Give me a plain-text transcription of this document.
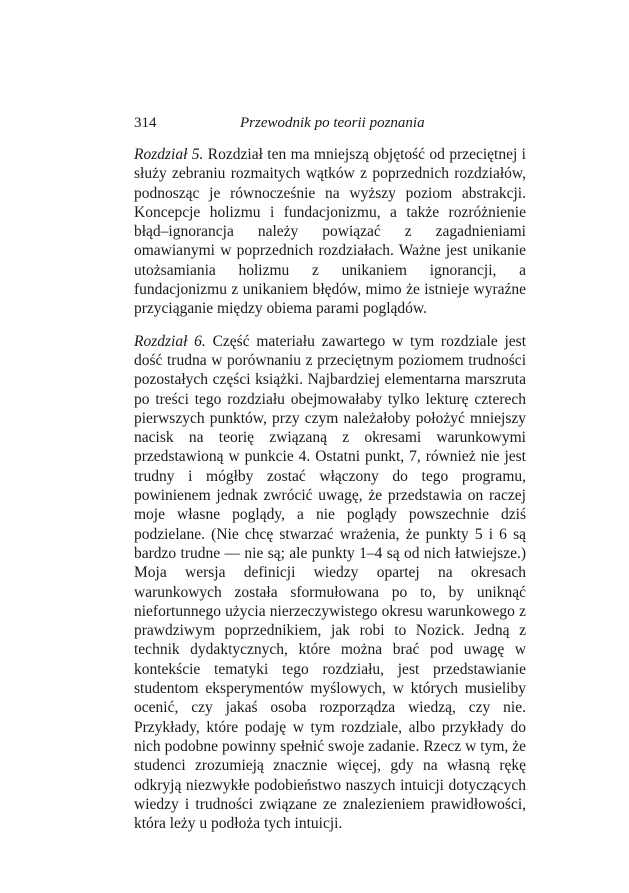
314	Przewodnik po teorii poznania

Rozdział 5. Rozdział ten ma mniejszą objętość od przeciętnej i służy zebraniu rozmaitych wątków z poprzednich rozdziałów, podnosząc je równocześnie na wyższy poziom abstrakcji. Koncepcje holizmu i fundacjonizmu, a także rozróżnienie błąd–ignorancja należy powiązać z zagadnieniami omawianymi w poprzednich rozdziałach. Ważne jest unikanie utożsamiania holizmu z unikaniem ignorancji, a fundacjonizmu z unikaniem błędów, mimo że istnieje wyraźne przyciąganie między obiema parami poglądów.

Rozdział 6. Część materiału zawartego w tym rozdziale jest dość trudna w porównaniu z przeciętnym poziomem trudności pozostałych części książki. Najbardziej elementarna marszruta po treści tego rozdziału obejmowałaby tylko lekturę czterech pierwszych punktów, przy czym należałoby położyć mniejszy nacisk na teorię związaną z okresami warunkowymi przedstawioną w punkcie 4. Ostatni punkt, 7, również nie jest trudny i mógłby zostać włączony do tego programu, powinienem jednak zwrócić uwagę, że przedstawia on raczej moje własne poglądy, a nie poglądy powszechnie dziś podzielane. (Nie chcę stwarzać wrażenia, że punkty 5 i 6 są bardzo trudne — nie są; ale punkty 1–4 są od nich łatwiejsze.) Moja wersja definicji wiedzy opartej na okresach warunkowych została sformułowana po to, by uniknąć niefortunnego użycia nierzeczywistego okresu warunkowego z prawdziwym poprzednikiem, jak robi to Nozick. Jedną z technik dydaktycznych, które można brać pod uwagę w kontekście tematyki tego rozdziału, jest przedstawianie studentom eksperymentów myślowych, w których musieliby ocenić, czy jakaś osoba rozporządza wiedzą, czy nie. Przykłady, które podaję w tym rozdziale, albo przykłady do nich podobne powinny spełnić swoje zadanie. Rzecz w tym, że studenci zrozumieją znacznie więcej, gdy na własną rękę odkryją niezwykłe podobieństwo naszych intuicji dotyczących wiedzy i trudności związane ze znalezieniem prawidłowości, która leży u podłoża tych intuicji.
